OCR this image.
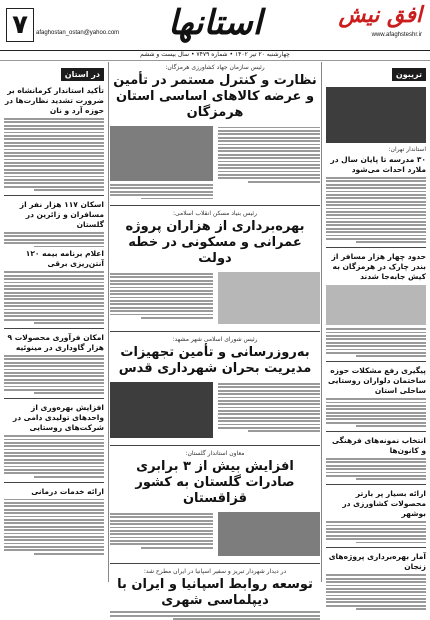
۷	afaghostan_ostan@yahoo.com استانها	افق نیش
www.afaghsteshr.ir
چهارشنبه ۲۰ تیر ۱۴۰۲ • شماره ۷۴۷۹ • سال بیست و ششم
تریبون
استاندار تهران:
۳۰ مدرسه تا پایان سال در ملارد احداث می‌شود
حدود چهار هزار مسافر از بندر چارک در هرمزگان به کیش جابه‌جا شدند
پیگیری رفع مشکلات حوزه ساختمان دلواران روستایی ساحلی استان
انتخاب نمونه‌های فرهنگی و کانون‌ها
ارائه بسیار پر بارتر محصولات کشاورزی در بوشهر
آمار بهره‌برداری پروژه‌های زنجان
رئیس سازمان جهاد کشاورزی هرمزگان:
نظارت و کنترل مستمر در تأمین و عرضه کالاهای اساسی استان هرمزگان
رئیس بنیاد مسکن انقلاب اسلامی:
بهره‌برداری از هزاران پروژه عمرانی و مسکونی در خطه دولت
رئیس شورای اسلامی شهر مشهد:
به‌روزرسانی و تأمین تجهیزات مدیریت بحران شهرداری قدس
معاون استاندار گلستان:
افزایش بیش از ۳ برابری صادرات گلستان به کشور قزاقستان
در دیدار شهردار تبریز و سفیر اسپانیا در ایران مطرح شد:
توسعه روابط اسپانیا و ایران با دیپلماسی شهری
در استان
تأکید استاندار کرمانشاه بر ضرورت تشدید نظارت‌ها در حوزه آرد و نان
اسکان ۱۱۷ هزار نفر از مسافران و زائرین در گلستان
اعلام برنامه بیمه ۱۲۰ آنتن‌ریزی برقی
امکان فرآوری محصولات ۹ هزار گاوداری در مینوئیه
افزایش بهره‌وری از واحد‌های تولیدی دامی در شرکت‌های روستایی
ارائه خدمات درمانی
